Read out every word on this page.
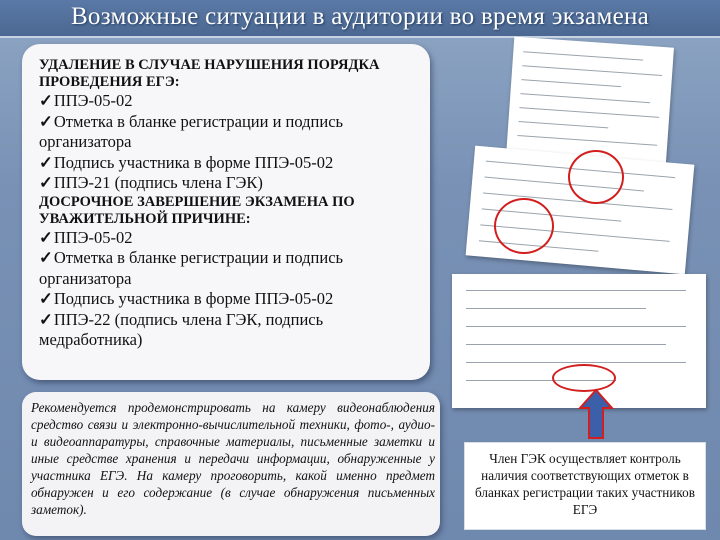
Возможные ситуации в аудитории во время экзамена
УДАЛЕНИЕ В СЛУЧАЕ НАРУШЕНИЯ ПОРЯДКА ПРОВЕДЕНИЯ ЕГЭ:
✓ ППЭ-05-02
✓ Отметка в бланке регистрации и подпись организатора
✓ Подпись участника в форме ППЭ-05-02
✓ ППЭ-21 (подпись члена ГЭК)
ДОСРОЧНОЕ ЗАВЕРШЕНИЕ ЭКЗАМЕНА ПО УВАЖИТЕЛЬНОЙ ПРИЧИНЕ:
✓ ППЭ-05-02
✓ Отметка в бланке регистрации и подпись организатора
✓ Подпись участника в форме ППЭ-05-02
✓ ППЭ-22 (подпись члена ГЭК, подпись медработника)
Рекомендуется продемонстрировать на камеру видеонаблюдения средство связи и электронно-вычислительной техники, фото-, аудио- и видеоаппаратуры, справочные материалы, письменные заметки и иные средстве хранения и передачи информации, обнаруженные у участника ЕГЭ. На камеру проговорить, какой именно предмет обнаружен и его содержание (в случае обнаружения письменных заметок).
Член ГЭК осуществляет контроль наличия соответствующих отметок в бланках регистрации таких участников ЕГЭ
